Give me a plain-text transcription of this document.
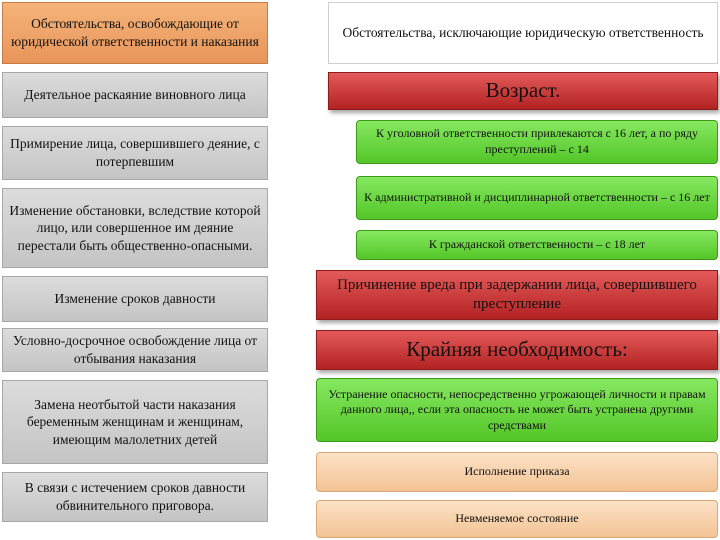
Обстоятельства, освобождающие от юридической ответственности и наказания
Деятельное раскаяние виновного лица
Примирение лица, совершившего деяние, с потерпевшим
Изменение обстановки, вследствие которой лицо, или совершенное им деяние перестали быть общественно-опасными.
Изменение сроков давности
Условно-досрочное освобождение лица от отбывания наказания
Замена неотбытой части наказания беременным женщинам и женщинам, имеющим малолетних детей
В связи с истечением сроков давности обвинительного приговора.
Обстоятельства, исключающие юридическую ответственность
Возраст.
К уголовной ответственности привлекаются с 16 лет, а по ряду преступлений – с 14
К административной и дисциплинарной ответственности – с 16 лет
К гражданской ответственности – с 18 лет
Причинение вреда при задержании лица, совершившего преступление
Крайняя необходимость:
Устранение опасности, непосредственно угрожающей личности и правам данного лица,, если эта опасность не может быть устранена другими средствами
Исполнение приказа
Невменяемое состояние
